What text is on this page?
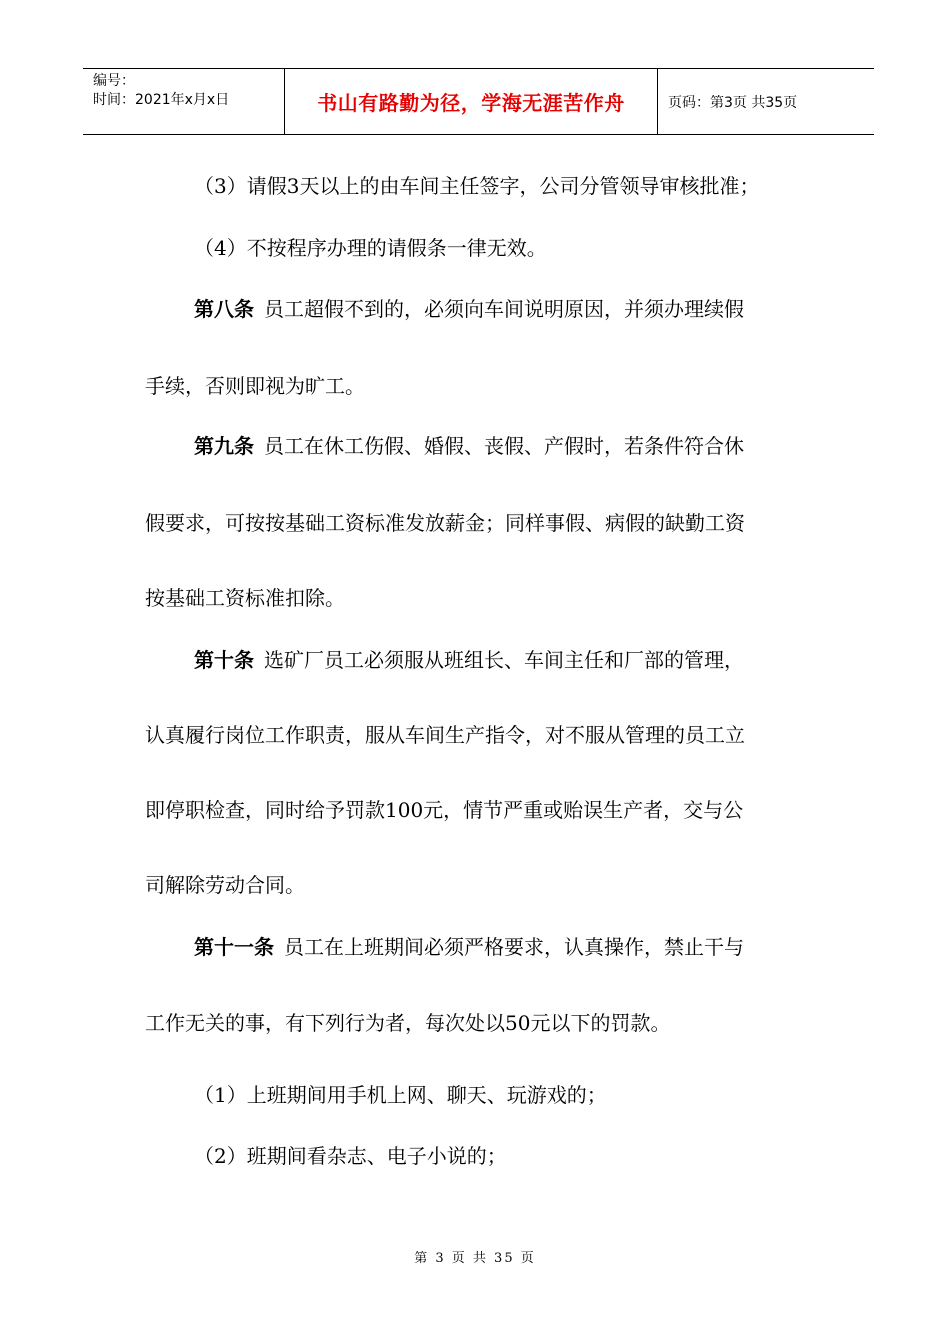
编号：
时间：2021年x月x日	书山有路勤为径，学海无涯苦作舟	页码：第3页 共35页
（3）请假3天以上的由车间主任签字，公司分管领导审核批准；
（4）不按程序办理的请假条一律无效。
第八条 员工超假不到的，必须向车间说明原因，并须办理续假
手续，否则即视为旷工。
第九条 员工在休工伤假、婚假、丧假、产假时，若条件符合休
假要求，可按按基础工资标准发放薪金；同样事假、病假的缺勤工资
按基础工资标准扣除。
第十条 选矿厂员工必须服从班组长、车间主任和厂部的管理，
认真履行岗位工作职责，服从车间生产指令，对不服从管理的员工立
即停职检查，同时给予罚款100元，情节严重或贻误生产者，交与公
司解除劳动合同。
第十一条 员工在上班期间必须严格要求，认真操作，禁止干与
工作无关的事，有下列行为者，每次处以50元以下的罚款。
（1）上班期间用手机上网、聊天、玩游戏的；
（2）班期间看杂志、电子小说的；
第 3 页 共 35 页
